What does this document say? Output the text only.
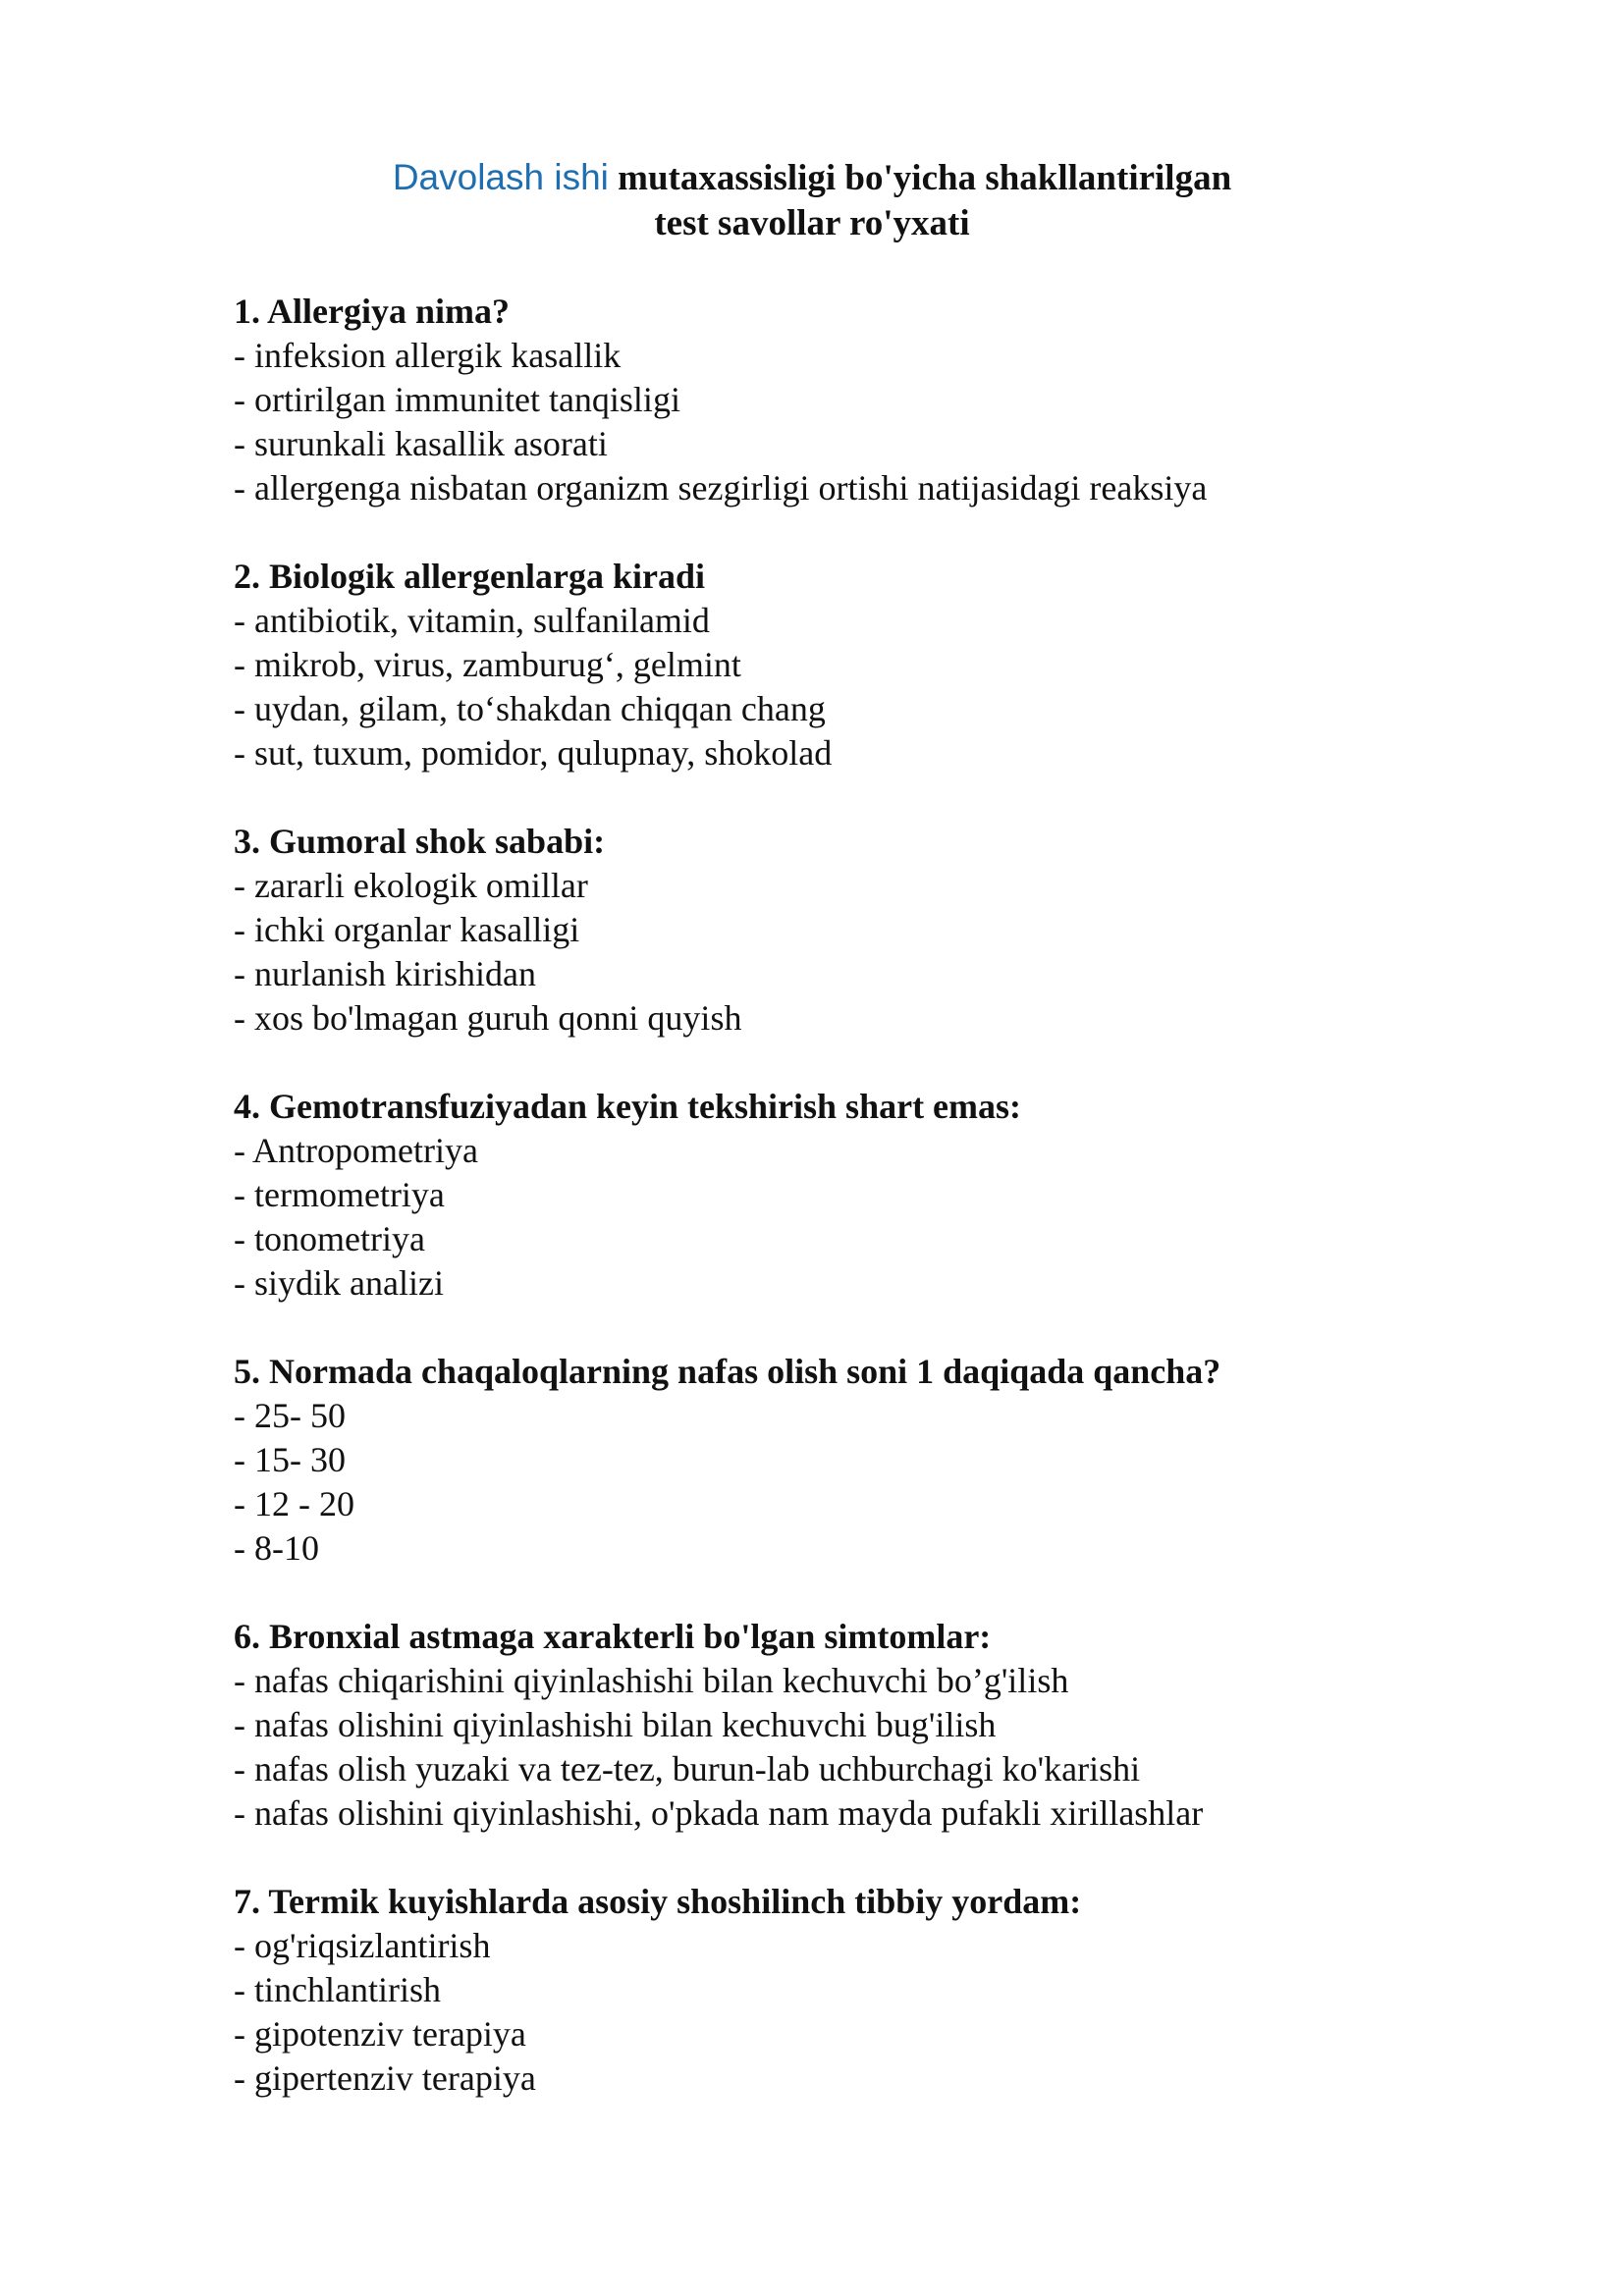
Davolash ishi mutaxassisligi bo'yicha shakllantirilgan
test savollar ro'yxati
1. Allergiya nima?
- infeksion allergik kasallik
- ortirilgan immunitet tanqisligi
- surunkali kasallik asorati
- allergenga nisbatan organizm sezgirligi ortishi natijasidagi reaksiya
2. Biologik allergenlarga kiradi
- antibiotik, vitamin, sulfanilamid
- mikrob, virus, zamburug‘, gelmint
- uydan, gilam, to‘shakdan chiqqan chang
- sut, tuxum, pomidor, qulupnay, shokolad
3. Gumoral shok sababi:
- zararli ekologik omillar
- ichki organlar kasalligi
- nurlanish kirishidan
- xos bo'lmagan guruh qonni quyish
4. Gemotransfuziyadan keyin tekshirish shart emas:
- Antropometriya
- termometriya
- tonometriya
- siydik analizi
5. Normada chaqaloqlarning nafas olish soni 1 daqiqada qancha?
- 25- 50
- 15- 30
- 12 - 20
- 8-10
6. Bronxial astmaga xarakterli bo'lgan simtomlar:
- nafas chiqarishini qiyinlashishi bilan kechuvchi bo’g'ilish
- nafas olishini qiyinlashishi bilan kechuvchi bug'ilish
- nafas olish yuzaki va tez-tez, burun-lab uchburchagi ko'karishi
- nafas olishini qiyinlashishi, o'pkada nam mayda pufakli xirillashlar
7. Termik kuyishlarda asosiy shoshilinch tibbiy yordam:
- og'riqsizlantirish
- tinchlantirish
- gipotenziv terapiya
- gipertenziv terapiya
